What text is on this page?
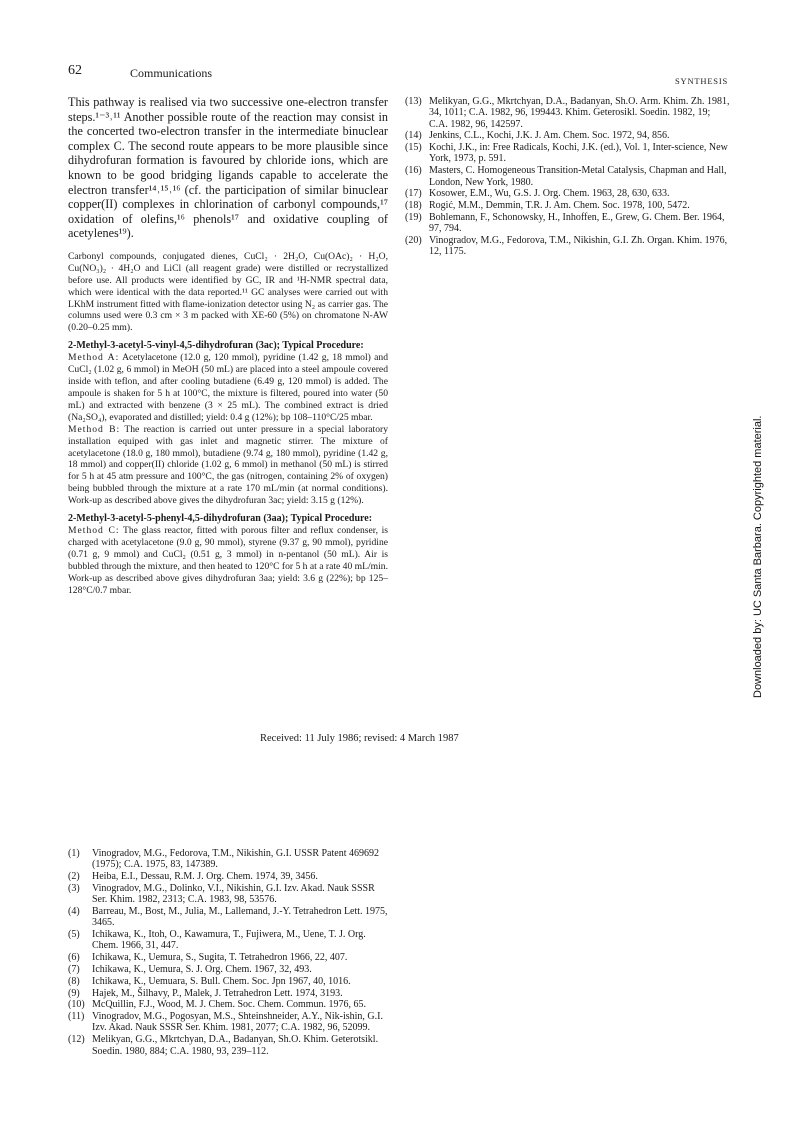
62	Communications
SYNTHESIS

This pathway is realised via two successive one-electron transfer steps.¹⁻³˒¹¹ Another possible route of the reaction may consist in the concerted two-electron transfer in the intermediate binuclear complex C. The second route appears to be more plausible since dihydrofuran formation is favoured by chloride ions, which are known to be good bridging ligands capable to accelerate the electron transfer¹⁴˒¹⁵˒¹⁶ (cf. the participation of similar binuclear copper(II) complexes in chlorination of carbonyl compounds,¹⁷ oxidation of olefins,¹⁶ phenols¹⁷ and oxidative coupling of acetylenes¹⁹).

Carbonyl compounds, conjugated dienes, CuCl₂ · 2H₂O, Cu(OAc)₂ · H₂O, Cu(NO₃)₂ · 4H₂O and LiCl (all reagent grade) were distilled or recrystallized before use. All products were identified by GC, IR and ¹H-NMR spectral data, which were identical with the data reported.¹¹ GC analyses were carried out with LKhM instrument fitted with flame-ionization detector using N₂ as carrier gas. The columns used were 0.3 cm × 3 m packed with XE-60 (5%) on chromatone N-AW (0.20–0.25 mm).

2-Methyl-3-acetyl-5-vinyl-4,5-dihydrofuran (3ac); Typical Procedure:

Method A: Acetylacetone (12.0 g, 120 mmol), pyridine (1.42 g, 18 mmol) and CuCl₂ (1.02 g, 6 mmol) in MeOH (50 mL) are placed into a steel ampoule covered inside with teflon, and after cooling butadiene (6.49 g, 120 mmol) is added. The ampoule is shaken for 5 h at 100°C, the mixture is filtered, poured into water (50 mL) and extracted with benzene (3 × 25 mL). The combined extract is dried (Na₂SO₄), evaporated and distilled; yield: 0.4 g (12%); bp 108–110°C/25 mbar.

Method B: The reaction is carried out unter pressure in a special laboratory installation equiped with gas inlet and magnetic stirrer. The mixture of acetylacetone (18.0 g, 180 mmol), butadiene (9.74 g, 180 mmol), pyridine (1.42 g, 18 mmol) and copper(II) chloride (1.02 g, 6 mmol) in methanol (50 mL) is stirred for 5 h at 45 atm pressure and 100°C, the gas (nitrogen, containing 2% of oxygen) being bubbled through the mixture at a rate 170 mL/min (at normal conditions). Work-up as described above gives the dihydrofuran 3ac; yield: 3.15 g (12%).

2-Methyl-3-acetyl-5-phenyl-4,5-dihydrofuran (3aa); Typical Procedure:

Method C: The glass reactor, fitted with porous filter and reflux condenser, is charged with acetylacetone (9.0 g, 90 mmol), styrene (9.37 g, 90 mmol), pyridine (0.71 g, 9 mmol) and CuCl₂ (0.51 g, 3 mmol) in n-pentanol (50 mL). Air is bubbled through the mixture, and then heated to 120°C for 5 h at a rate 40 mL/min. Work-up as described above gives dihydrofuran 3aa; yield: 3.6 g (22%); bp 125–128°C/0.7 mbar.

(13) Melikyan, G.G., Mkrtchyan, D.A., Badanyan, Sh.O. Arm. Khim. Zh. 1981, 34, 1011; C.A. 1982, 96, 199443. Khim. Geterosikl. Soedin. 1982, 19; C.A. 1982, 96, 142597.
(14) Jenkins, C.L., Kochi, J.K. J. Am. Chem. Soc. 1972, 94, 856.
(15) Kochi, J.K., in: Free Radicals, Kochi, J.K. (ed.), Vol. 1, Inter-science, New York, 1973, p. 591.
(16) Masters, C. Homogeneous Transition-Metal Catalysis, Chapman and Hall, London, New York, 1980.
(17) Kosower, E.M., Wu, G.S. J. Org. Chem. 1963, 28, 630, 633.
(18) Rogić, M.M., Demmin, T.R. J. Am. Chem. Soc. 1978, 100, 5472.
(19) Bohlemann, F., Schonowsky, H., Inhoffen, E., Grew, G. Chem. Ber. 1964, 97, 794.
(20) Vinogradov, M.G., Fedorova, T.M., Nikishin, G.I. Zh. Organ. Khim. 1976, 12, 1175.
Received: 11 July 1986; revised: 4 March 1987
(1) Vinogradov, M.G., Fedorova, T.M., Nikishin, G.I. USSR Patent 469692 (1975); C.A. 1975, 83, 147389.
(2) Heiba, E.I., Dessau, R.M. J. Org. Chem. 1974, 39, 3456.
(3) Vinogradov, M.G., Dolinko, V.I., Nikishin, G.I. Izv. Akad. Nauk SSSR Ser. Khim. 1982, 2313; C.A. 1983, 98, 53576.
(4) Barreau, M., Bost, M., Julia, M., Lallemand, J.-Y. Tetrahedron Lett. 1975, 3465.
(5) Ichikawa, K., Itoh, O., Kawamura, T., Fujiwera, M., Uene, T. J. Org. Chem. 1966, 31, 447.
(6) Ichikawa, K., Uemura, S., Sugita, T. Tetrahedron 1966, 22, 407.
(7) Ichikawa, K., Uemura, S. J. Org. Chem. 1967, 32, 493.
(8) Ichikawa, K., Uemuara, S. Bull. Chem. Soc. Jpn 1967, 40, 1016.
(9) Hajek, M., Šilhavy, P., Malek, J. Tetrahedron Lett. 1974, 3193.
(10) McQuillin, F.J., Wood, M. J. Chem. Soc. Chem. Commun. 1976, 65.
(11) Vinogradov, M.G., Pogosyan, M.S., Shteinshneider, A.Y., Nik-ishin, G.I. Izv. Akad. Nauk SSSR Ser. Khim. 1981, 2077; C.A. 1982, 96, 52099.
(12) Melikyan, G.G., Mkrtchyan, D.A., Badanyan, Sh.O. Khim. Geterotsikl. Soedin. 1980, 884; C.A. 1980, 93, 239–112.
Downloaded by: UC Santa Barbara. Copyrighted material.
